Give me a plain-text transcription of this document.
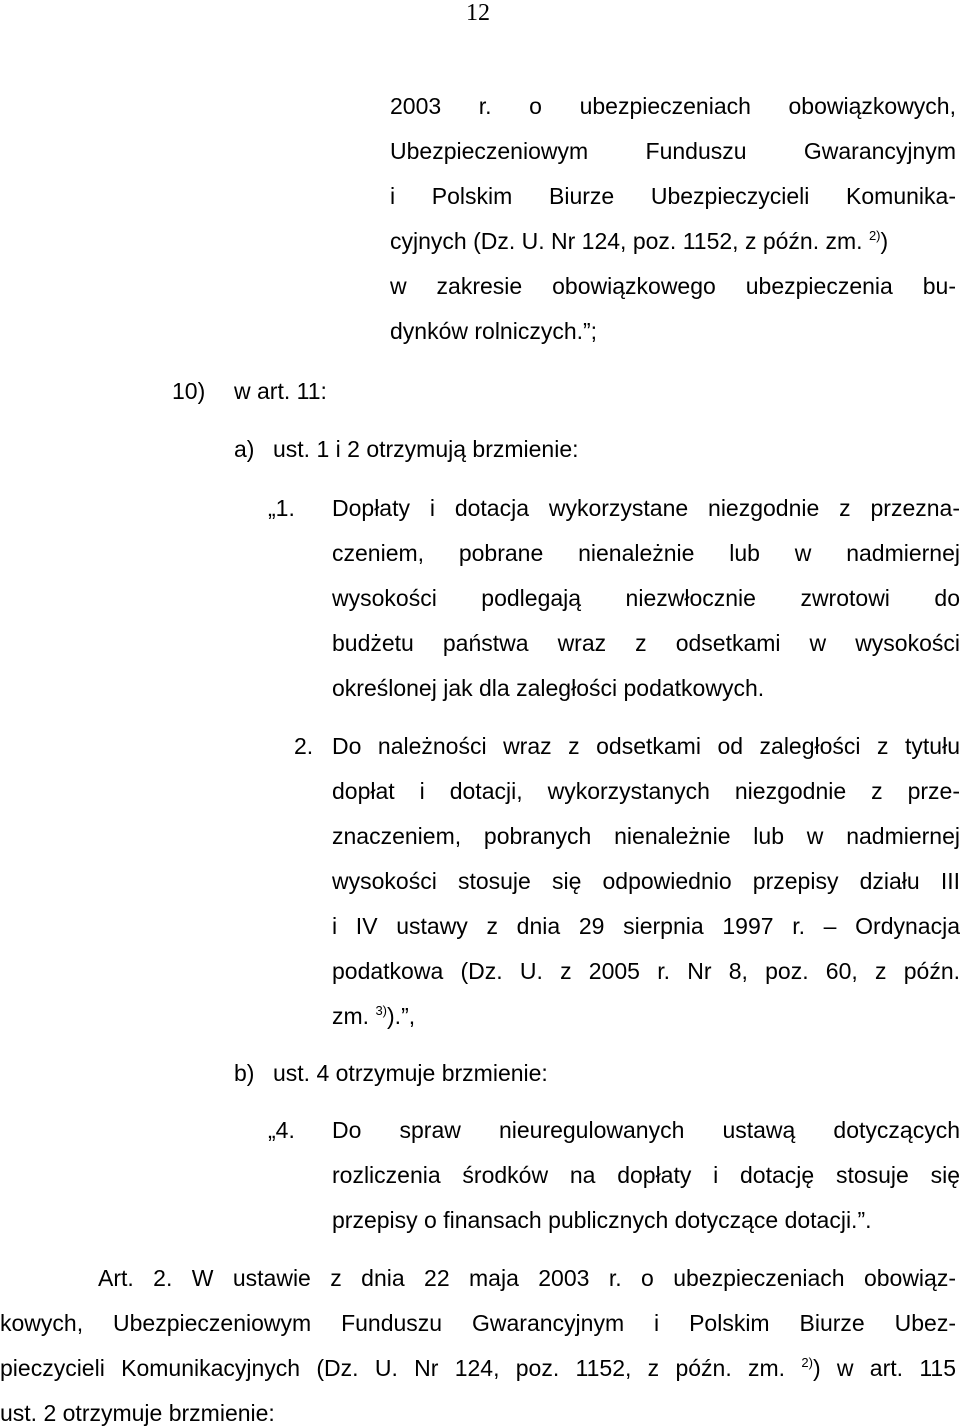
12
2003 r. o ubezpieczeniach obowiązkowych,
Ubezpieczeniowym Funduszu Gwarancyjnym
i Polskim Biurze Ubezpieczycieli Komunika-
cyjnych (Dz. U. Nr 124, poz. 1152, z późn. zm. $^{2)}$)
w zakresie obowiązkowego ubezpieczenia bu-
dynków rolniczych.”;
10) w art. 11:
a) ust. 1 i 2 otrzymują brzmienie:
„1. Dopłaty i dotacja wykorzystane niezgodnie z przezna-
czeniem, pobrane nienależnie lub w nadmiernej
wysokości podlegają niezwłocznie zwrotowi do
budżetu państwa wraz z odsetkami w wysokości
określonej jak dla zaległości podatkowych.
2. Do należności wraz z odsetkami od zaległości z tytułu
dopłat i dotacji, wykorzystanych niezgodnie z prze-
znaczeniem, pobranych nienależnie lub w nadmiernej
wysokości stosuje się odpowiednio przepisy działu III
i IV ustawy z dnia 29 sierpnia 1997 r. – Ordynacja
podatkowa (Dz. U. z 2005 r. Nr 8, poz. 60, z późn.
zm. $^{3)}$).”,
b) ust. 4 otrzymuje brzmienie:
„4. Do spraw nieuregulowanych ustawą dotyczących
rozliczenia środków na dopłaty i dotację stosuje się
przepisy o finansach publicznych dotyczące dotacji.”.
Art. 2. W ustawie z dnia 22 maja 2003 r. o ubezpieczeniach obowiąz-
kowych, Ubezpieczeniowym Funduszu Gwarancyjnym i Polskim Biurze Ubez-
pieczycieli Komunikacyjnych (Dz. U. Nr 124, poz. 1152, z późn. zm. $^{2)}$) w art. 115
ust. 2 otrzymuje brzmienie:
